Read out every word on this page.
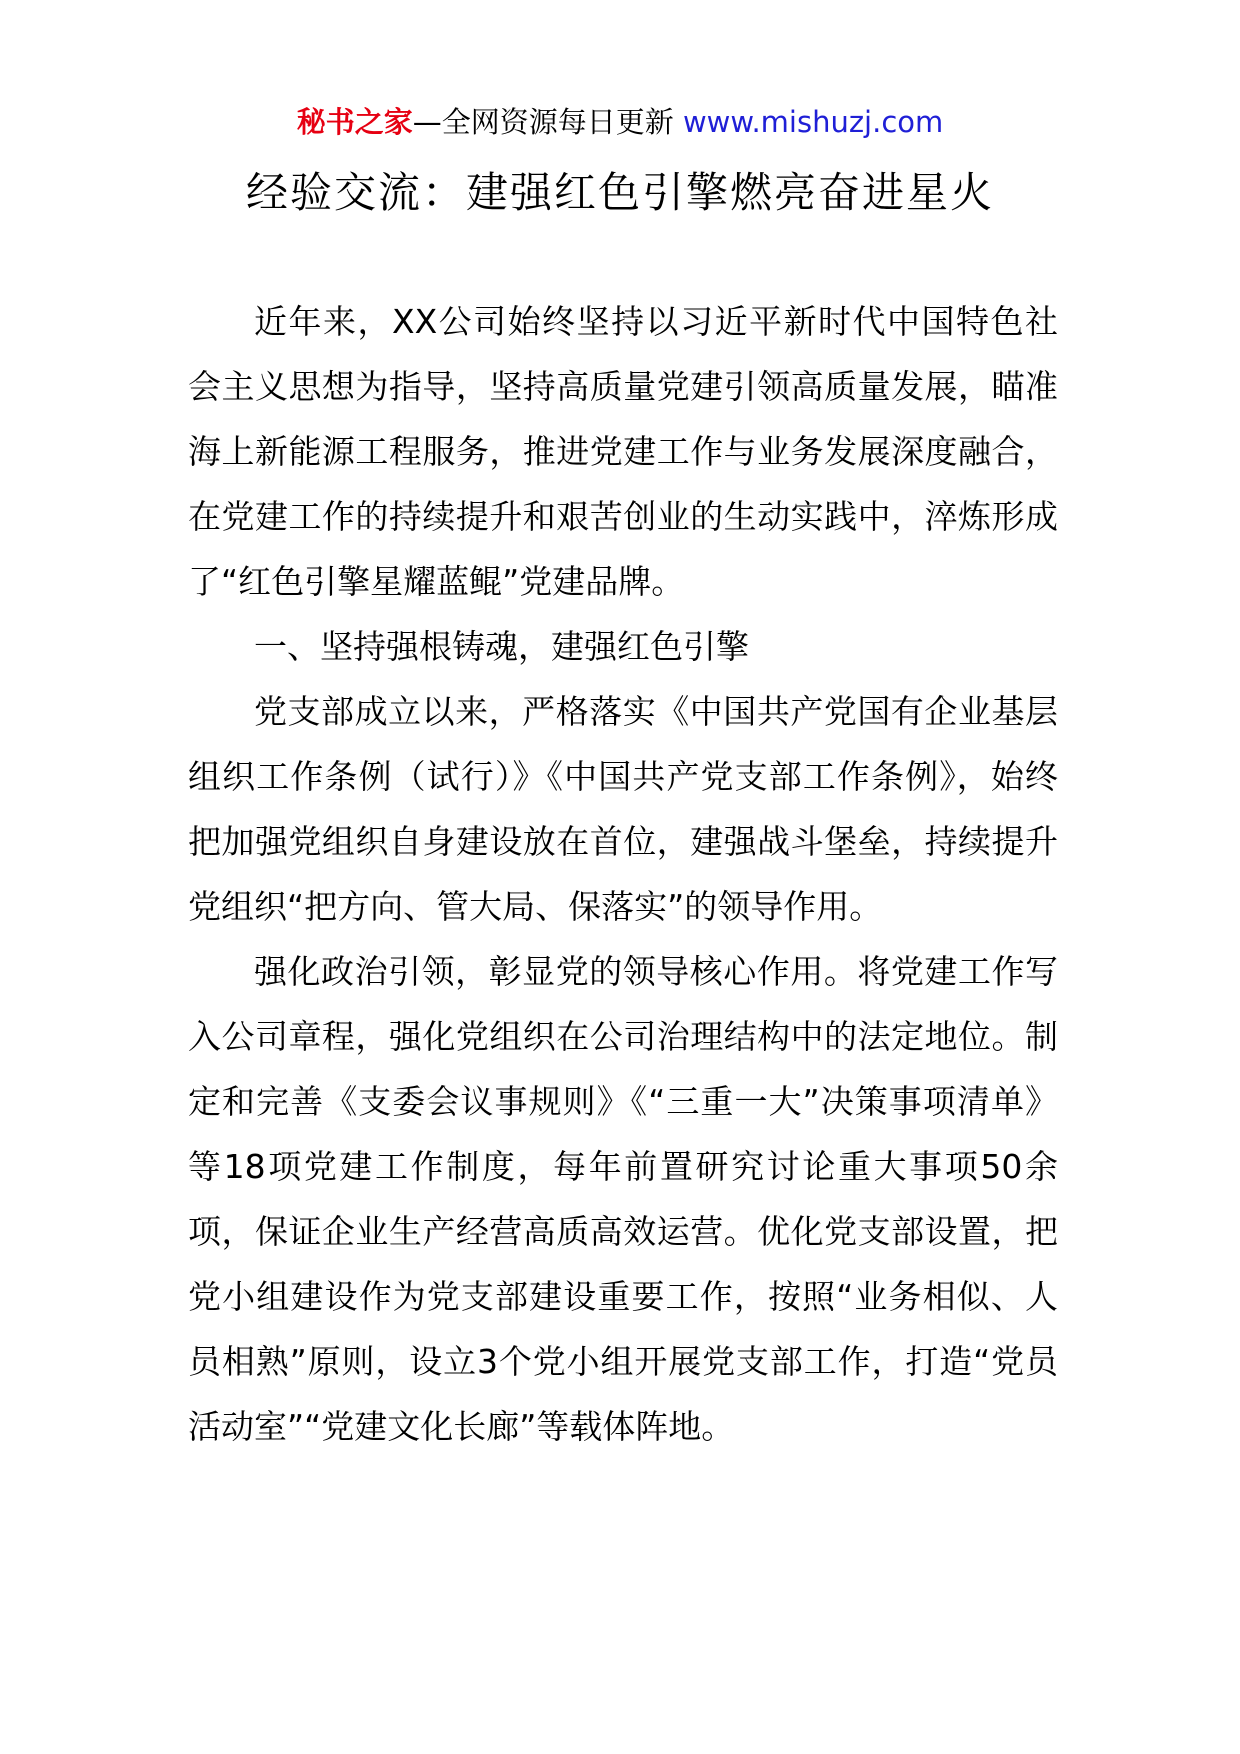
秘书之家—全网资源每日更新 www.mishuzj.com
经验交流：建强红色引擎燃亮奋进星火

近年来，XX公司始终坚持以习近平新时代中国特色社会主义思想为指导，坚持高质量党建引领高质量发展，瞄准海上新能源工程服务，推进党建工作与业务发展深度融合，在党建工作的持续提升和艰苦创业的生动实践中，淬炼形成了“红色引擎星耀蓝鲲”党建品牌。

一、坚持强根铸魂，建强红色引擎

党支部成立以来，严格落实《中国共产党国有企业基层组织工作条例（试行）》《中国共产党支部工作条例》，始终把加强党组织自身建设放在首位，建强战斗堡垒，持续提升党组织“把方向、管大局、保落实”的领导作用。

强化政治引领，彰显党的领导核心作用。将党建工作写入公司章程，强化党组织在公司治理结构中的法定地位。制定和完善《支委会议事规则》《“三重一大”决策事项清单》等18项党建工作制度，每年前置研究讨论重大事项50余项，保证企业生产经营高质高效运营。优化党支部设置，把党小组建设作为党支部建设重要工作，按照“业务相似、人员相熟”原则，设立3个党小组开展党支部工作，打造“党员活动室”“党建文化长廊”等载体阵地。
